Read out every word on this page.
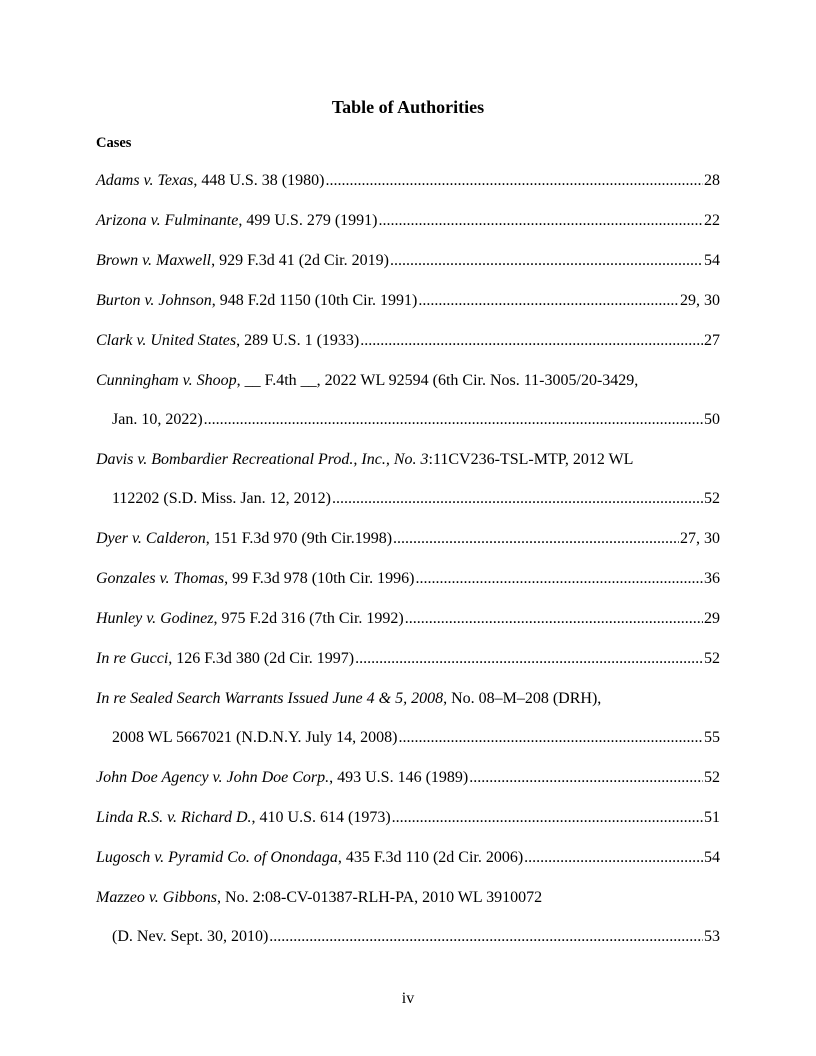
Table of Authorities
Cases
Adams v. Texas, 448 U.S. 38 (1980) .....	28
Arizona v. Fulminante, 499 U.S. 279 (1991) .....	22
Brown v. Maxwell, 929 F.3d 41 (2d Cir. 2019) .....	54
Burton v. Johnson, 948 F.2d 1150 (10th Cir. 1991) .....	29, 30
Clark v. United States, 289 U.S. 1 (1933) .....	27
Cunningham v. Shoop, __ F.4th __, 2022 WL 92594 (6th Cir. Nos. 11-3005/20-3429,
Jan. 10, 2022) .....	50
Davis v. Bombardier Recreational Prod., Inc., No. 3:11CV236-TSL-MTP, 2012 WL
112202 (S.D. Miss. Jan. 12, 2012) .....	52
Dyer v. Calderon, 151 F.3d 970 (9th Cir.1998) .....	27, 30
Gonzales v. Thomas, 99 F.3d 978 (10th Cir. 1996) .....	36
Hunley v. Godinez, 975 F.2d 316 (7th Cir. 1992) .....	29
In re Gucci, 126 F.3d 380 (2d Cir. 1997) .....	52
In re Sealed Search Warrants Issued June 4 & 5, 2008, No. 08–M–208 (DRH),
2008 WL 5667021 (N.D.N.Y. July 14, 2008) .....	55
John Doe Agency v. John Doe Corp., 493 U.S. 146 (1989) .....	52
Linda R.S. v. Richard D., 410 U.S. 614 (1973) .....	51
Lugosch v. Pyramid Co. of Onondaga, 435 F.3d 110 (2d Cir. 2006) .....	54
Mazzeo v. Gibbons, No. 2:08-CV-01387-RLH-PA, 2010 WL 3910072
(D. Nev. Sept. 30, 2010) .....	53
iv
